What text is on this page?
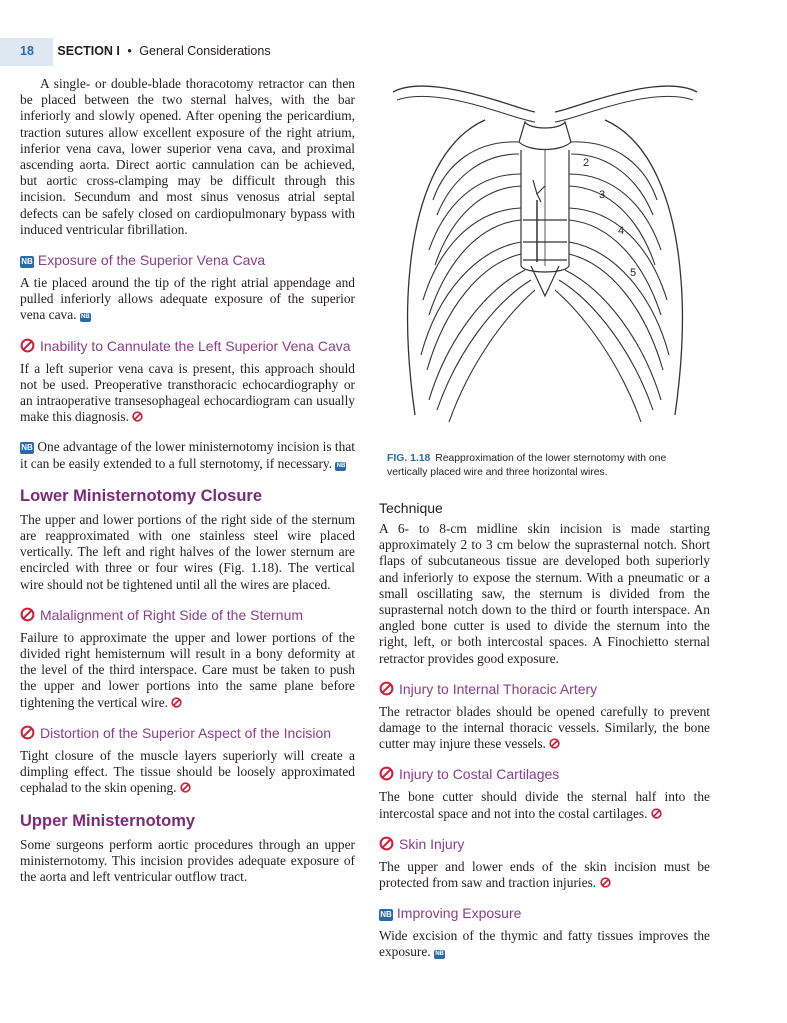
18 SECTION I • General Considerations

A single- or double-blade thoracotomy retractor can then be placed between the two sternal halves, with the bar inferiorly and slowly opened. After opening the pericardium, traction sutures allow excellent exposure of the right atrium, inferior vena cava, lower superior vena cava, and proximal ascending aorta. Direct aortic cannulation can be achieved, but aortic cross-clamping may be difficult through this incision. Secundum and most sinus venosus atrial septal defects can be safely closed on cardiopulmonary bypass with induced ventricular fibrillation.

NB Exposure of the Superior Vena Cava

A tie placed around the tip of the right atrial appendage and pulled inferiorly allows adequate exposure of the superior vena cava. NB

Inability to Cannulate the Left Superior Vena Cava

If a left superior vena cava is present, this approach should not be used. Preoperative transthoracic echocardiography or an intraoperative transesophageal echocardiogram can usually make this diagnosis.

NB One advantage of the lower ministernotomy incision is that it can be easily extended to a full sternotomy, if necessary. NB

Lower Ministernotomy Closure

The upper and lower portions of the right side of the sternum are reapproximated with one stainless steel wire placed vertically. The left and right halves of the lower sternum are encircled with three or four wires (Fig. 1.18). The vertical wire should not be tightened until all the wires are placed.

Malalignment of Right Side of the Sternum

Failure to approximate the upper and lower portions of the divided right hemisternum will result in a bony deformity at the level of the third interspace. Care must be taken to push the upper and lower portions into the same plane before tightening the vertical wire.

Distortion of the Superior Aspect of the Incision

Tight closure of the muscle layers superiorly will create a dimpling effect. The tissue should be loosely approximated cephalad to the skin opening.

Upper Ministernotomy

Some surgeons perform aortic procedures through an upper ministernotomy. This incision provides adequate exposure of the aorta and left ventricular outflow tract.

2
3
4
5
FIG. 1.18 Reapproximation of the lower sternotomy with one vertically placed wire and three horizontal wires.
Technique

A 6- to 8-cm midline skin incision is made starting approximately 2 to 3 cm below the suprasternal notch. Short flaps of subcutaneous tissue are developed both superiorly and inferiorly to expose the sternum. With a pneumatic or a small oscillating saw, the sternum is divided from the suprasternal notch down to the third or fourth interspace. An angled bone cutter is used to divide the sternum into the right, left, or both intercostal spaces. A Finochietto sternal retractor provides good exposure.

Injury to Internal Thoracic Artery

The retractor blades should be opened carefully to prevent damage to the internal thoracic vessels. Similarly, the bone cutter may injure these vessels.

Injury to Costal Cartilages

The bone cutter should divide the sternal half into the intercostal space and not into the costal cartilages.

Skin Injury

The upper and lower ends of the skin incision must be protected from saw and traction injuries.

NB Improving Exposure

Wide excision of the thymic and fatty tissues improves the exposure. NB
